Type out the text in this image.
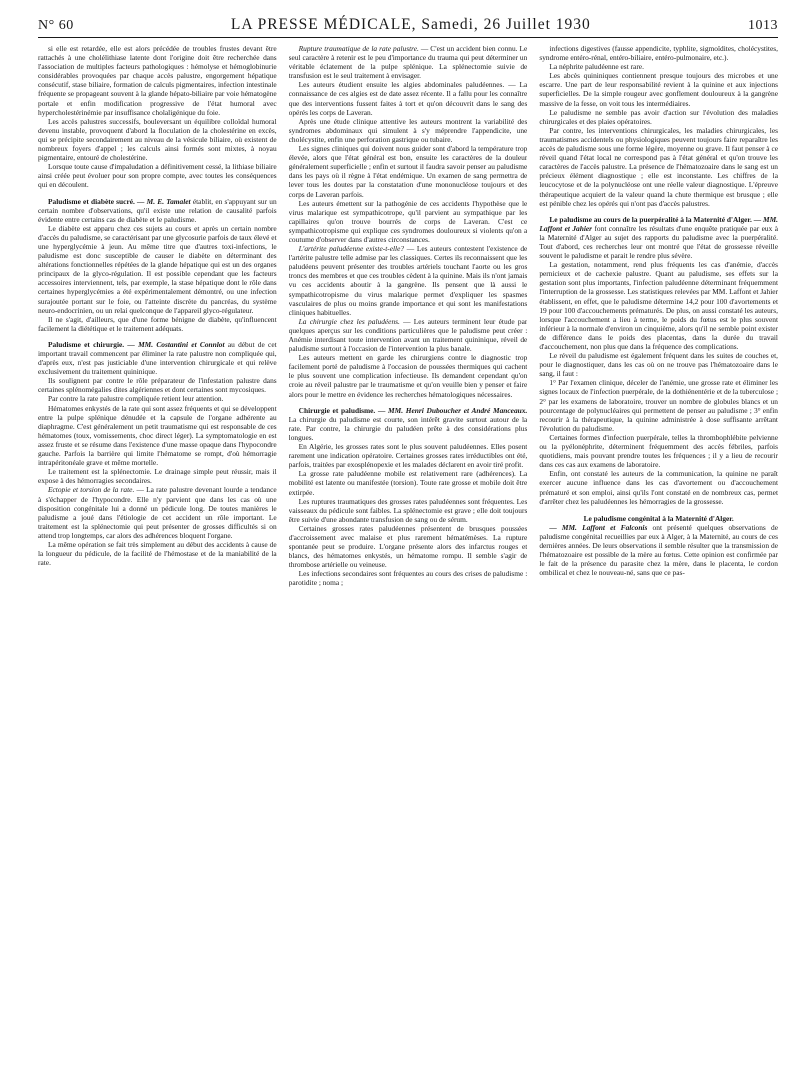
N° 60	LA PRESSE MÉDICALE, Samedi, 26 Juillet 1930	1013

si elle est retardée, elle est alors précédée de troubles frustes devant être rattachés à une cholélithiase latente dont l'origine doit être recherchée dans l'association de multiples facteurs pathologiques : hémolyse et hémoglobinurie considérables provoquées par chaque accès palustre, engorgement hépatique consécutif, stase biliaire, formation de calculs pigmentaires, infection intestinale fréquente se propageant souvent à la glande hépato-biliaire par voie hématogène portale et enfin modification progressive de l'état humoral avec hypercholestérinémie par insuffisance cholaligénique du foie.

Les accès palustres successifs, bouleversant un équilibre colloïdal humoral devenu instable, provoquent d'abord la floculation de la cholestérine en excès, qui se précipite secondairement au niveau de la vésicule biliaire, où existent de nombreux foyers d'appel ; les calculs ainsi formés sont mixtes, à noyau pigmentaire, entouré de cholestérine.

Lorsque toute cause d'impaludation a définitivement cessé, la lithiase biliaire ainsi créée peut évoluer pour son propre compte, avec toutes les conséquences qui en découlent.

Paludisme et diabète sucré. — M. E. Tamalet établit, en s'appuyant sur un certain nombre d'observations, qu'il existe une relation de causalité parfois évidente entre certains cas de diabète et le paludisme.

Le diabète est apparu chez ces sujets au cours et après un certain nombre d'accès du paludisme, se caractérisant par une glycosurie parfois de taux élevé et une hyperglycémie à jeun. Au même titre que d'autres toxi-infections, le paludisme est donc susceptible de causer le diabète en déterminant des altérations fonctionnelles répétées de la glande hépatique qui est un des organes principaux de la glyco-régulation. Il est possible cependant que les facteurs accessoires interviennent, tels, par exemple, la stase hépatique dont le rôle dans certaines hyperglycémies a été expérimentalement démontré, ou une infection surajoutée portant sur le foie, ou l'atteinte discrète du pancréas, du système neuro-endocrinien, ou un relai quelconque de l'appareil glyco-régulateur.

Il ne s'agit, d'ailleurs, que d'une forme bénigne de diabète, qu'influencent facilement la diététique et le traitement adéquats.

Paludisme et chirurgie. — MM. Costantini et Connlot au début de cet important travail commencent par éliminer la rate palustre non compliquée qui, d'après eux, n'est pas justiciable d'une intervention chirurgicale et qui relève exclusivement du traitement quininique.

Ils soulignent par contre le rôle préparateur de l'infestation palustre dans certaines splénomégalies dites algériennes et dont certaines sont mycosiques.

Par contre la rate palustre compliquée retient leur attention.

Hématomes enkystés de la rate qui sont assez fréquents et qui se développent entre la pulpe splénique dénudée et la capsule de l'organe adhérente au diaphragme. C'est généralement un petit traumatisme qui est responsable de ces hématomes (toux, vomissements, choc direct léger). La symptomatologie en est assez fruste et se résume dans l'existence d'une masse opaque dans l'hypocondre gauche. Parfois la barrière qui limite l'hématome se rompt, d'où hémorragie intrapéritonéale grave et même mortelle.

Le traitement est la splénectomie. Le drainage simple peut réussir, mais il expose à des hémorragies secondaires.

Ectopie et torsion de la rate. — La rate palustre devenant lourde a tendance à s'échapper de l'hypocondre. Elle n'y parvient que dans les cas où une disposition congénitale lui a donné un pédicule long. De toutes manières le paludisme a joué dans l'étiologie de cet accident un rôle important. Le traitement est la splénectomie qui peut présenter de grosses difficultés si on attend trop longtemps, car alors des adhérences bloquent l'organe.

La même opération se fait très simplement au début des accidents à cause de la longueur du pédicule, de la facilité de l'hémostase et de la maniabilité de la rate.

Rupture traumatique de la rate palustre. — C'est un accident bien connu. Le seul caractère à retenir est le peu d'importance du trauma qui peut déterminer un véritable éclatement de la pulpe splénique. La splénectomie suivie de transfusion est le seul traitement à envisager.

Les auteurs étudient ensuite les algies abdominales paludéennes. — La connaissance de ces algies est de date assez récente. Il a fallu pour les connaître que des interventions fussent faites à tort et qu'on découvrit dans le sang des opérés les corps de Laveran.

Après une étude clinique attentive les auteurs montrent la variabilité des syndromes abdominaux qui simulent à s'y méprendre l'appendicite, une cholécystite, enfin une perforation gastrique ou tubaire.

Les signes cliniques qui doivent nous guider sont d'abord la température trop élevée, alors que l'état général est bon, ensuite les caractères de la douleur généralement superficielle ; enfin et surtout il faudra savoir penser au paludisme dans les pays où il règne à l'état endémique. Un examen de sang permettra de lever tous les doutes par la constatation d'une mononucléose toujours et des corps de Laveran parfois.

Les auteurs émettent sur la pathogénie de ces accidents l'hypothèse que le virus malarique est sympathicotrope, qu'il parvient au sympathique par les capillaires qu'on trouve bourrés de corps de Laveran. C'est ce sympathicotropisme qui explique ces syndromes douloureux si violents qu'on a coutume d'observer dans d'autres circonstances.

L'artérite paludéenne existe-t-elle? — Les auteurs contestent l'existence de l'artérite palustre telle admise par les classiques. Certes ils reconnaissent que les paludéens peuvent présenter des troubles artériels touchant l'aorte ou les gros troncs des membres et que ces troubles cèdent à la quinine. Mais ils n'ont jamais vu ces accidents aboutir à la gangrène. Ils pensent que là aussi le sympathicotropisme du virus malarique permet d'expliquer les spasmes vasculaires de plus ou moins grande importance et qui sont les manifestations cliniques habituelles.

La chirurgie chez les paludéens. — Les auteurs terminent leur étude par quelques aperçus sur les conditions particulières que le paludisme peut créer : Anémie interdisant toute intervention avant un traitement quininique, réveil de paludisme surtout à l'occasion de l'intervention la plus banale.

Les auteurs mettent en garde les chirurgiens contre le diagnostic trop facilement porté de paludisme à l'occasion de poussées thermiques qui cachent le plus souvent une complication infectieuse. Ils demandent cependant qu'on croie au réveil palustre par le traumatisme et qu'on veuille bien y penser et faire alors pour le mettre en évidence les recherches hématologiques nécessaires.

Chirurgie et paludisme. — MM. Henri Duboucher et André Manceaux. La chirurgie du paludisme est courte, son intérêt gravite surtout autour de la rate. Par contre, la chirurgie du paludéen prête à des considérations plus longues.

En Algérie, les grosses rates sont le plus souvent paludéennes. Elles posent rarement une indication opératoire. Certaines grosses rates irréductibles ont été, parfois, traitées par exosplénopexie et les malades déclarent en avoir tiré profit.

La grosse rate paludéenne mobile est relativement rare (adhérences). La mobilité est latente ou manifestée (torsion). Toute rate grosse et mobile doit être extirpée.

Les ruptures traumatiques des grosses rates paludéennes sont fréquentes. Les vaisseaux du pédicule sont faibles. La splénectomie est grave ; elle doit toujours être suivie d'une abondante transfusion de sang ou de sérum.

Certaines grosses rates paludéennes présentent de brusques poussées d'accroissement avec malaise et plus rarement hématémèses. La rupture spontanée peut se produire. L'organe présente alors des infarctus rouges et blancs, des hématomes enkystés, un hématome rompu. Il semble s'agir de thrombose artérielle ou veineuse.

Les infections secondaires sont fréquentes au cours des crises de paludisme : parotidite ; noma ;

infections digestives (fausse appendicite, typhlite, sigmoïdites, cholécystites, syndrome entéro-rénal, entéro-biliaire, entéro-pulmonaire, etc.).

La néphrite paludéenne est rare.

Les abcès quininiques contiennent presque toujours des microbes et une escarre. Une part de leur responsabilité revient à la quinine et aux injections superficielles. De la simple rougeur avec gonflement douloureux à la gangrène massive de la fesse, on voit tous les intermédiaires.

Le paludisme ne semble pas avoir d'action sur l'évolution des maladies chirurgicales et des plaies opératoires.

Par contre, les interventions chirurgicales, les maladies chirurgicales, les traumatismes accidentels ou physiologiques peuvent toujours faire reparaître les accès de paludisme sous une forme légère, moyenne ou grave. Il faut penser à ce réveil quand l'état local ne correspond pas à l'état général et qu'on trouve les caractères de l'accès palustre. La présence de l'hématozoaire dans le sang est un précieux élément diagnostique ; elle est inconstante. Les chiffres de la leucocytose et de la polynucléose ont une réelle valeur diagnostique. L'épreuve thérapeutique acquiert de la valeur quand la chute thermique est brusque ; elle est pénible chez les opérés qui n'ont pas d'accès palustres.

Le paludisme au cours de la puerpéralité à la Maternité d'Alger. — MM. Laffont et Jahier font connaître les résultats d'une enquête pratiquée par eux à la Maternité d'Alger au sujet des rapports du paludisme avec la puerpéralité. Tout d'abord, ces recherches leur ont montré que l'état de grossesse réveille souvent le paludisme et parait le rendre plus sévère.

La gestation, notamment, rend plus fréquents les cas d'anémie, d'accès pernicieux et de cachexie palustre. Quant au paludisme, ses effets sur la gestation sont plus importants, l'infection paludéenne déterminant fréquemment l'interruption de la grossesse. Les statistiques relevées par MM. Laffont et Jahier établissent, en effet, que le paludisme détermine 14,2 pour 100 d'avortements et 19 pour 100 d'accouchements prématurés. De plus, on aussi constaté les auteurs, lorsque l'accouchement a lieu à terme, le poids du fœtus est le plus souvent inférieur à la normale d'environ un cinquième, alors qu'il ne semble point exister de différence dans le poids des placentas, dans la durée du travail d'accouchement, non plus que dans la fréquence des complications.

Le réveil du paludisme est également fréquent dans les suites de couches et, pour le diagnostiquer, dans les cas où on ne trouve pas l'hématozoaire dans le sang, il faut :

1° Par l'examen clinique, déceler de l'anémie, une grosse rate et éliminer les signes locaux de l'infection puerpérale, de la dothiénentérie et de la tuberculose ; 2° par les examens de laboratoire, trouver un nombre de globules blancs et un pourcentage de polynucléaires qui permettent de penser au paludisme ; 3° enfin recourir à la thérapeutique, la quinine administrée à dose suffisante arrêtant l'évolution du paludisme.

Certaines formes d'infection puerpérale, telles la thrombophlébite pelvienne ou la pyélonéphrite, déterminent fréquemment des accès fébriles, parfois quotidiens, mais pouvant prendre toutes les fréquences ; il y a lieu de recourir dans ces cas aux examens de laboratoire.

Enfin, ont constaté les auteurs de la communication, la quinine ne paraît exercer aucune influence dans les cas d'avortement ou d'accouchement prématuré et son emploi, ainsi qu'ils l'ont constaté en de nombreux cas, permet d'arrêter chez les paludéennes les hémorragies de la grossesse.

Le paludisme congénital à la Maternité d'Alger.

— MM. Laffont et Falconis ont présenté quelques observations de paludisme congénital recueillies par eux à Alger, à la Maternité, au cours de ces dernières années. De leurs observations il semble résulter que la transmission de l'hématozoaire est possible de la mère au fœtus. Cette opinion est confirmée par le fait de la présence du parasite chez la mère, dans le placenta, le cordon ombilical et chez le nouveau-né, sans que ce pas-
